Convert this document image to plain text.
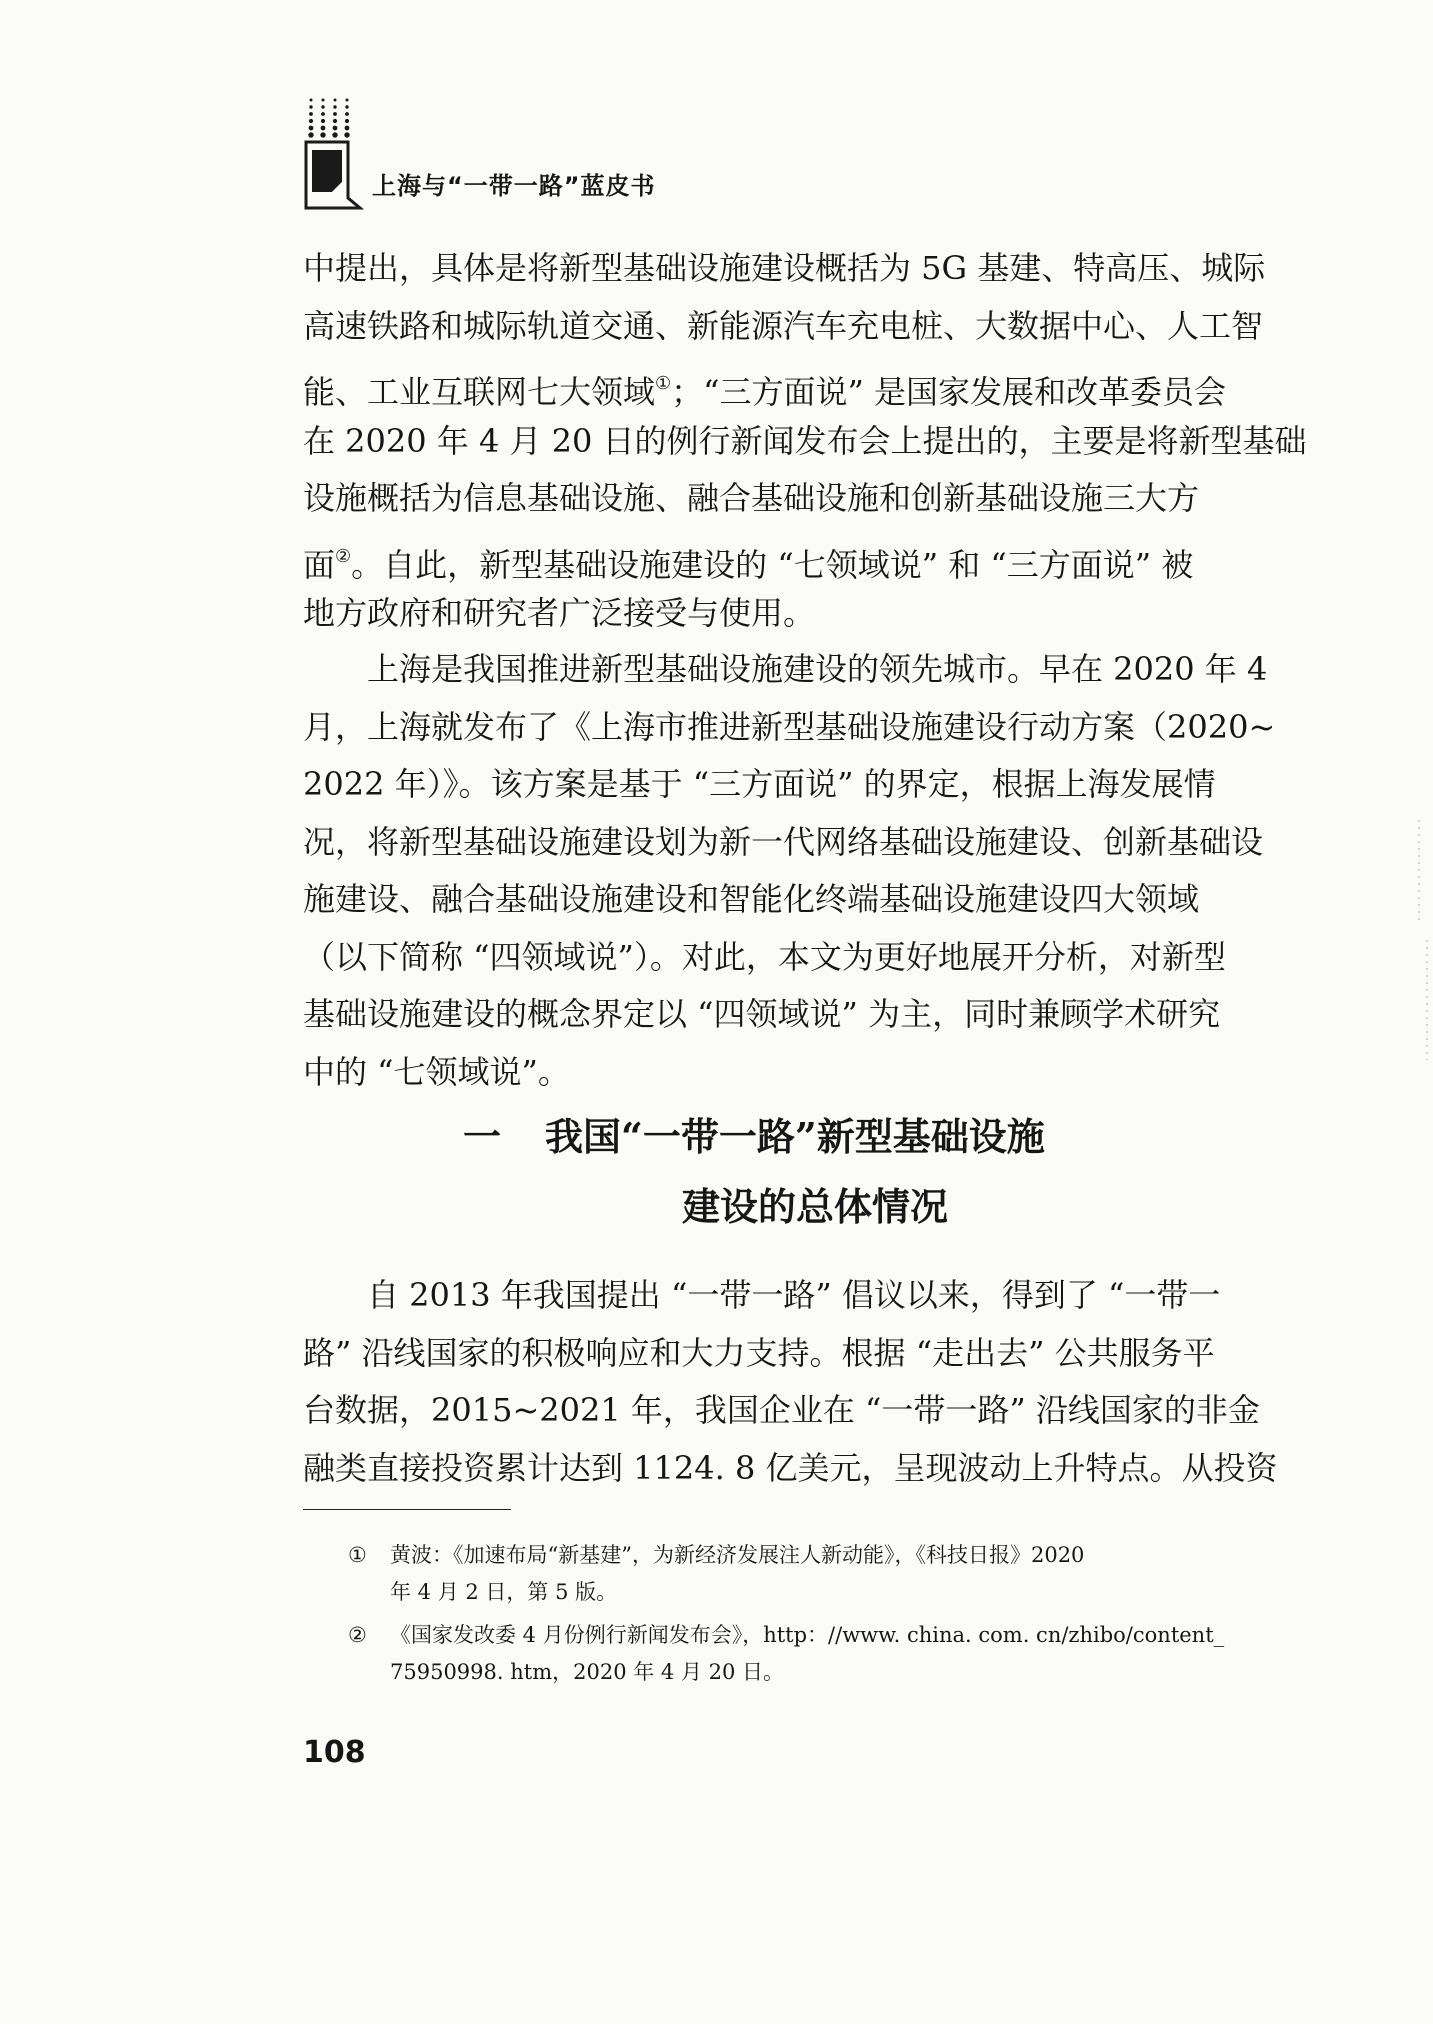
上海与“一带一路”蓝皮书

中提出，具体是将新型基础设施建设概括为 5G 基建、特高压、城际
高速铁路和城际轨道交通、新能源汽车充电桩、大数据中心、人工智
能、工业互联网七大领域①；“三方面说” 是国家发展和改革委员会
在 2020 年 4 月 20 日的例行新闻发布会上提出的，主要是将新型基础
设施概括为信息基础设施、融合基础设施和创新基础设施三大方
面②。自此，新型基础设施建设的 “七领域说” 和 “三方面说” 被
地方政府和研究者广泛接受与使用。

上海是我国推进新型基础设施建设的领先城市。早在 2020 年 4
月，上海就发布了《上海市推进新型基础设施建设行动方案（2020~
2022 年）》。该方案是基于 “三方面说” 的界定，根据上海发展情
况，将新型基础设施建设划为新一代网络基础设施建设、创新基础设
施建设、融合基础设施建设和智能化终端基础设施建设四大领域
（以下简称 “四领域说”）。对此，本文为更好地展开分析，对新型
基础设施建设的概念界定以 “四领域说” 为主，同时兼顾学术研究
中的 “七领域说”。

一 我国“一带一路”新型基础设施
建设的总体情况

自 2013 年我国提出 “一带一路” 倡议以来，得到了 “一带一
路” 沿线国家的积极响应和大力支持。根据 “走出去” 公共服务平
台数据，2015~2021 年，我国企业在 “一带一路” 沿线国家的非金
融类直接投资累计达到 1124. 8 亿美元，呈现波动上升特点。从投资

① 黄波：《加速布局“新基建”，为新经济发展注人新动能》，《科技日报》2020
年 4 月 2 日，第 5 版。
② 《国家发改委 4 月份例行新闻发布会》，http：//www. china. com. cn/zhibo/content_
75950998. htm，2020 年 4 月 20 日。
108
